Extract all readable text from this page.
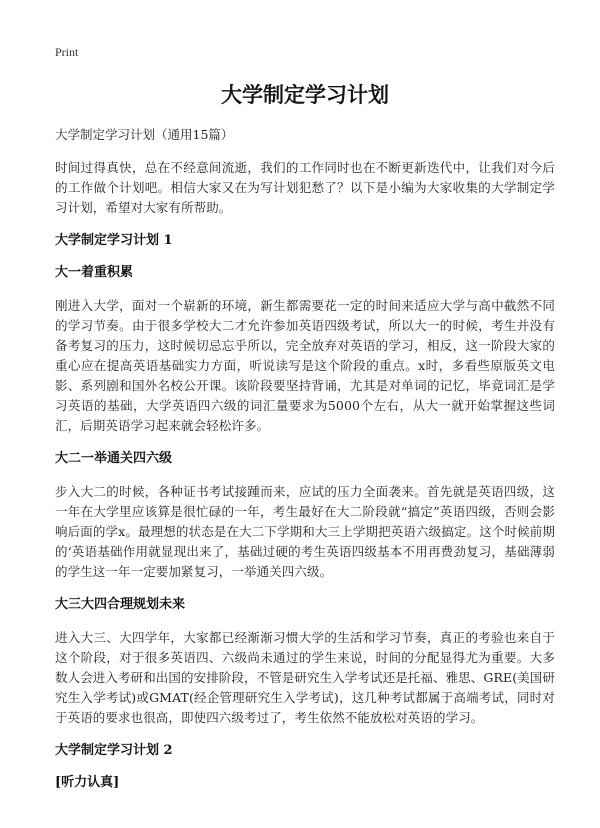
Print
大学制定学习计划
大学制定学习计划（通用15篇）

时间过得真快，总在不经意间流逝，我们的工作同时也在不断更新迭代中，让我们对今后的工作做个计划吧。相信大家又在为写计划犯愁了？以下是小编为大家收集的大学制定学习计划，希望对大家有所帮助。

大学制定学习计划 1
大一着重积累

刚进入大学，面对一个崭新的环境，新生都需要花一定的时间来适应大学与高中截然不同的学习节奏。由于很多学校大二才允许参加英语四级考试，所以大一的时候，考生并没有备考复习的压力，这时候切忌忘乎所以，完全放弃对英语的学习，相反，这一阶段大家的重心应在提高英语基础实力方面，听说读写是这个阶段的重点。x时，多看些原版英文电影、系列剧和国外名校公开课。该阶段要坚持背诵，尤其是对单词的记忆，毕竟词汇是学习英语的基础，大学英语四六级的词汇量要求为5000个左右，从大一就开始掌握这些词汇，后期英语学习起来就会轻松许多。

大二一举通关四六级

步入大二的时候，各种证书考试接踵而来，应试的压力全面袭来。首先就是英语四级，这一年在大学里应该算是很忙碌的一年，考生最好在大二阶段就“搞定”英语四级，否则会影响后面的学ⅹ。最理想的状态是在大二下学期和大三上学期把英语六级搞定。这个时候前期的‘英语基础作用就显现出来了，基础过硬的考生英语四级基本不用再费劲复习，基础薄弱的学生这一年一定要加紧复习，一举通关四六级。

大三大四合理规划未来

进入大三、大四学年，大家都已经渐渐习惯大学的生活和学习节奏，真正的考验也来自于这个阶段，对于很多英语四、六级尚未通过的学生来说，时间的分配显得尤为重要。大多数人会进入考研和出国的安排阶段，不管是研究生入学考试还是托福、雅思、GRE(美国研究生入学考试)或GMAT(经企管理研究生入学考试)，这几种考试都属于高端考试，同时对于英语的要求也很高，即使四六级考过了，考生依然不能放松对英语的学习。

大学制定学习计划 2
[听力认真]
